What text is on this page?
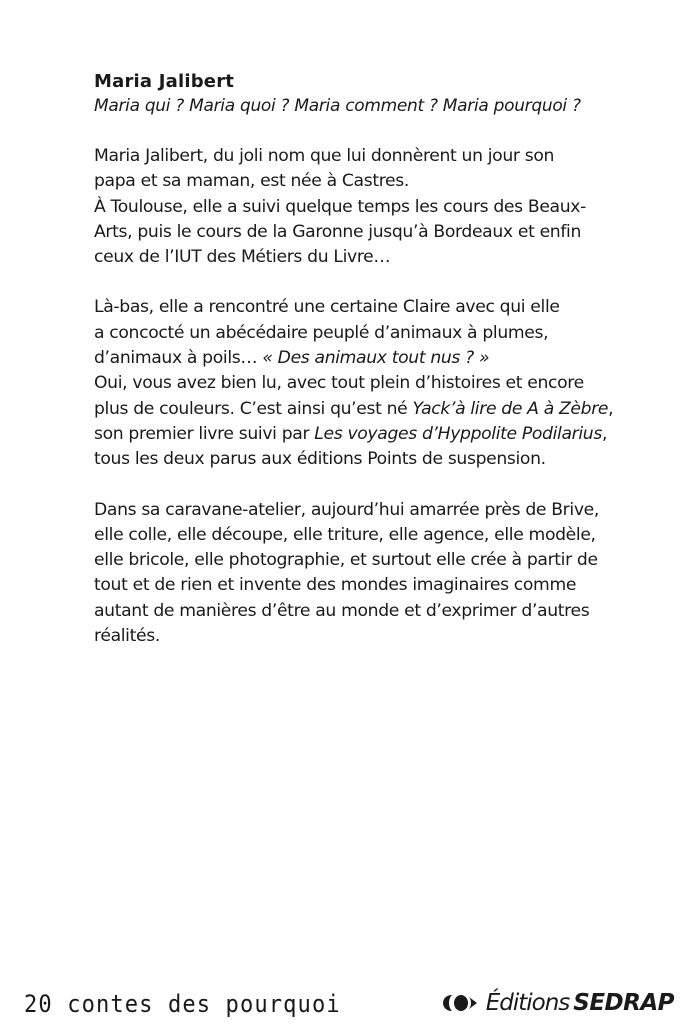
Maria Jalibert

Maria qui ? Maria quoi ? Maria comment ? Maria pourquoi ?

Maria Jalibert, du joli nom que lui donnèrent un jour son

papa et sa maman, est née à Castres.

À Toulouse, elle a suivi quelque temps les cours des Beaux-

Arts, puis le cours de la Garonne jusqu’à Bordeaux et enfin

ceux de l’IUT des Métiers du Livre…

Là-bas, elle a rencontré une certaine Claire avec qui elle

a concocté un abécédaire peuplé d’animaux à plumes,

d’animaux à poils… « Des animaux tout nus ? »

Oui, vous avez bien lu, avec tout plein d’histoires et encore

plus de couleurs. C’est ainsi qu’est né Yack’à lire de A à Zèbre,

son premier livre suivi par Les voyages d’Hyppolite Podilarius,

tous les deux parus aux éditions Points de suspension.

Dans sa caravane-atelier, aujourd’hui amarrée près de Brive,

elle colle, elle découpe, elle triture, elle agence, elle modèle,

elle bricole, elle photographie, et surtout elle crée à partir de

tout et de rien et invente des mondes imaginaires comme

autant de manières d’être au monde et d’exprimer d’autres

réalités.

20 contes des pourquoi	Éditions SEDRAP
